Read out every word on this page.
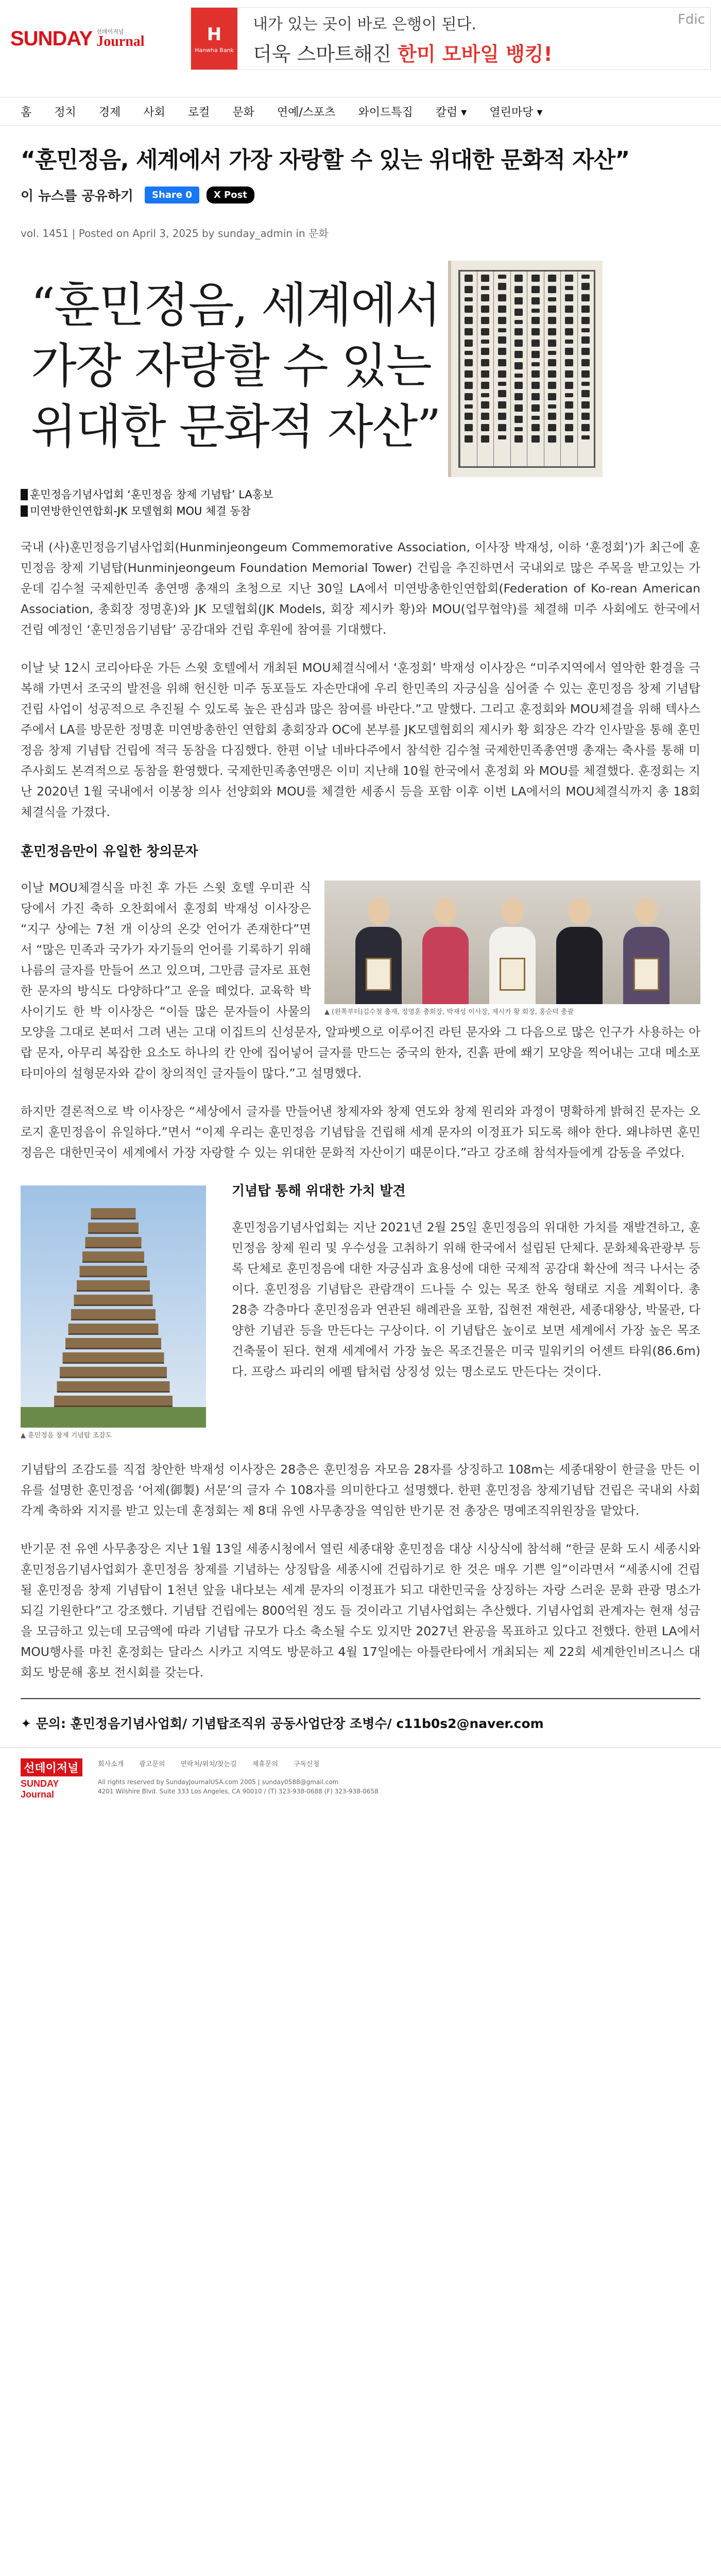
SUNDAY 선데이저널
Journal	H
Hanwha Bank
내가 있는 곳이 바로 은행이 된다.
더욱 스마트해진 한미 모바일 뱅킹!
Fdic
홈 정치 경제 사회 로컬 문화 연예/스포츠 와이드특집 칼럼 ▾ 열린마당 ▾
“훈민정음, 세계에서 가장 자랑할 수 있는 위대한 문화적 자산”
이 뉴스를 공유하기 Share 0	X Post
vol. 1451 | Posted on April 3, 2025 by sunday_admin in 문화
“훈민정음, 세계에서
가장 자랑할 수 있는
위대한 문화적 자산”
훈민정음기념사업회 ‘훈민정음 창제 기념탑’ LA홍보
미연방한인연합회-JK 모델협회 MOU 체결 동참

국내 (사)훈민정음기념사업회(Hunminjeongeum Commemorative Association, 이사장 박재성, 이하 ‘훈정회’)가 최근에 훈민정음 창제 기념탑(Hunminjeongeum Foundation Memorial Tower) 건립을 추진하면서 국내외로 많은 주목을 받고있는 가운데 김수철 국제한민족 총연맹 총재의 초청으로 지난 30일 LA에서 미연방총한인연합회(Federation of Ko-rean American Association, 총회장 정명훈)와 JK 모델협회(JK Models, 회장 제시카 황)와 MOU(업무협약)를 체결해 미주 사회에도 한국에서 건립 예정인 ‘훈민정음기념탑’ 공감대와 건립 후원에 참여를 기대했다.

이날 낮 12시 코리아타운 가든 스윗 호텔에서 개최된 MOU체결식에서 ‘훈정회’ 박재성 이사장은 “미주지역에서 열악한 환경을 극복해 가면서 조국의 발전을 위해 헌신한 미주 동포들도 자손만대에 우리 한민족의 자긍심을 심어줄 수 있는 훈민정음 창제 기념탑 건립 사업이 성공적으로 추진될 수 있도록 높은 관심과 많은 참여를 바란다.”고 말했다. 그리고 훈정회와 MOU체결을 위해 텍사스주에서 LA를 방문한 정명훈 미연방총한인 연합회 총회장과 OC에 본부를 JK모델협회의 제시카 황 회장은 각각 인사말을 통해 훈민정음 창제 기념탑 건립에 적극 동참을 다짐했다. 한편 이날 네바다주에서 참석한 김수철 국제한민족총연맹 총재는 축사를 통해 미주사회도 본격적으로 동참을 환영했다. 국제한민족총연맹은 이미 지난해 10월 한국에서 훈정회 와 MOU를 체결했다. 훈정회는 지난 2020년 1월 국내에서 이봉창 의사 선양회와 MOU를 체결한 세종시 등을 포함 이후 이번 LA에서의 MOU체결식까지 총 18회 체결식을 가졌다.

훈민정음만이 유일한 창의문자
▲ (왼쪽부터)김수철 총재, 정명훈 총회장, 박재성 이사장, 제시카 황 회장, 홍순덕 총괄

이날 MOU체결식을 마친 후 가든 스윗 호텔 우미관 식당에서 가진 축하 오찬회에서 훈정회 박재성 이사장은 “지구 상에는 7천 개 이상의 온갖 언어가 존재한다”면서 “많은 민족과 국가가 자기들의 언어를 기록하기 위해 나름의 글자를 만들어 쓰고 있으며, 그만큼 글자로 표현한 문자의 방식도 다양하다”고 운을 떼었다. 교육학 박사이기도 한 박 이사장은 “이들 많은 문자들이 사물의 모양을 그대로 본떠서 그려 낸는 고대 이집트의 신성문자, 알파벳으로 이루어진 라틴 문자와 그 다음으로 많은 인구가 사용하는 아랍 문자, 아무리 복잡한 요소도 하나의 칸 안에 집어넣어 글자를 만드는 중국의 한자, 진흙 판에 쐐기 모양을 찍어내는 고대 메소포타미아의 설형문자와 같이 창의적인 글자들이 많다.”고 설명했다.

하지만 결론적으로 박 이사장은 “세상에서 글자를 만들어낸 창제자와 창제 연도와 창제 원리와 과정이 명확하게 밝혀진 문자는 오로지 훈민정음이 유일하다.”면서 “이제 우리는 훈민정음 기념탑을 건립해 세계 문자의 이정표가 되도록 해야 한다. 왜냐하면 훈민정음은 대한민국이 세계에서 가장 자랑할 수 있는 위대한 문화적 자산이기 때문이다.”라고 강조해 참석자들에게 감동을 주었다.

▲ 훈민정음 창제 기념탑 조감도
기념탑 통해 위대한 가치 발견

훈민정음기념사업회는 지난 2021년 2월 25일 훈민정음의 위대한 가치를 재발견하고, 훈민정음 창제 원리 및 우수성을 고취하기 위해 한국에서 설립된 단체다. 문화체육관광부 등록 단체로 훈민정음에 대한 자긍심과 효용성에 대한 국제적 공감대 확산에 적극 나서는 중이다. 훈민정음 기념탑은 관람객이 드나들 수 있는 목조 한옥 형태로 지을 계획이다. 총 28층 각층마다 훈민정음과 연관된 해례관을 포함, 집현전 재현관, 세종대왕상, 박물관, 다양한 기념관 등을 만든다는 구상이다. 이 기념탑은 높이로 보면 세계에서 가장 높은 목조건축물이 된다. 현재 세계에서 가장 높은 목조건물은 미국 밀워키의 어센트 타워(86.6m)다. 프랑스 파리의 에펠 탑처럼 상징성 있는 명소로도 만든다는 것이다.

기념탑의 조감도를 직접 창안한 박재성 이사장은 28층은 훈민정음 자모음 28자를 상징하고 108m는 세종대왕이 한글을 만든 이유를 설명한 훈민정음 ‘어제(御製) 서문’의 글자 수 108자를 의미한다고 설명했다. 한편 훈민정음 창제기념탑 건립은 국내외 사회 각계 축하와 지지를 받고 있는데 훈정회는 제 8대 유엔 사무총장을 역임한 반기문 전 총장은 명예조직위원장을 맡았다.

반기문 전 유엔 사무총장은 지난 1월 13일 세종시청에서 열린 세종대왕 훈민정음 대상 시상식에 참석해 “한글 문화 도시 세종시와 훈민정음기념사업회가 훈민정음 창제를 기념하는 상징탑을 세종시에 건립하기로 한 것은 매우 기쁜 일”이라면서 “세종시에 건립될 훈민정음 창제 기념탑이 1천년 앞을 내다보는 세계 문자의 이정표가 되고 대한민국을 상징하는 자랑 스러운 문화 관광 명소가 되길 기원한다”고 강조했다. 기념탑 건립에는 800억원 정도 들 것이라고 기념사업회는 추산했다. 기념사업회 관계자는 현재 성금을 모금하고 있는데 모금액에 따라 기념탑 규모가 다소 축소될 수도 있지만 2027년 완공을 목표하고 있다고 전했다. 한편 LA에서 MOU행사를 마친 훈정회는 달라스 시카고 지역도 방문하고 4월 17일에는 아틀란타에서 개최되는 제 22회 세계한인비즈니스 대회도 방문해 홍보 전시회를 갖는다.

✦ 문의: 훈민정음기념사업회/ 기념탑조직위 공동사업단장 조병수/ c11b0s2@naver.com
선데이저널
SUNDAY Journal
회사소개 광고문의 연락처/위치/찾는길 제휴문의 구독신청
All rights reserved by SundayJournalUSA.com 2005 | sunday0588@gmail.com
4201 Wilshire Blvd. Suite 333 Los Angeles, CA 90010 / (T) 323-938-0688 (F) 323-938-0658
